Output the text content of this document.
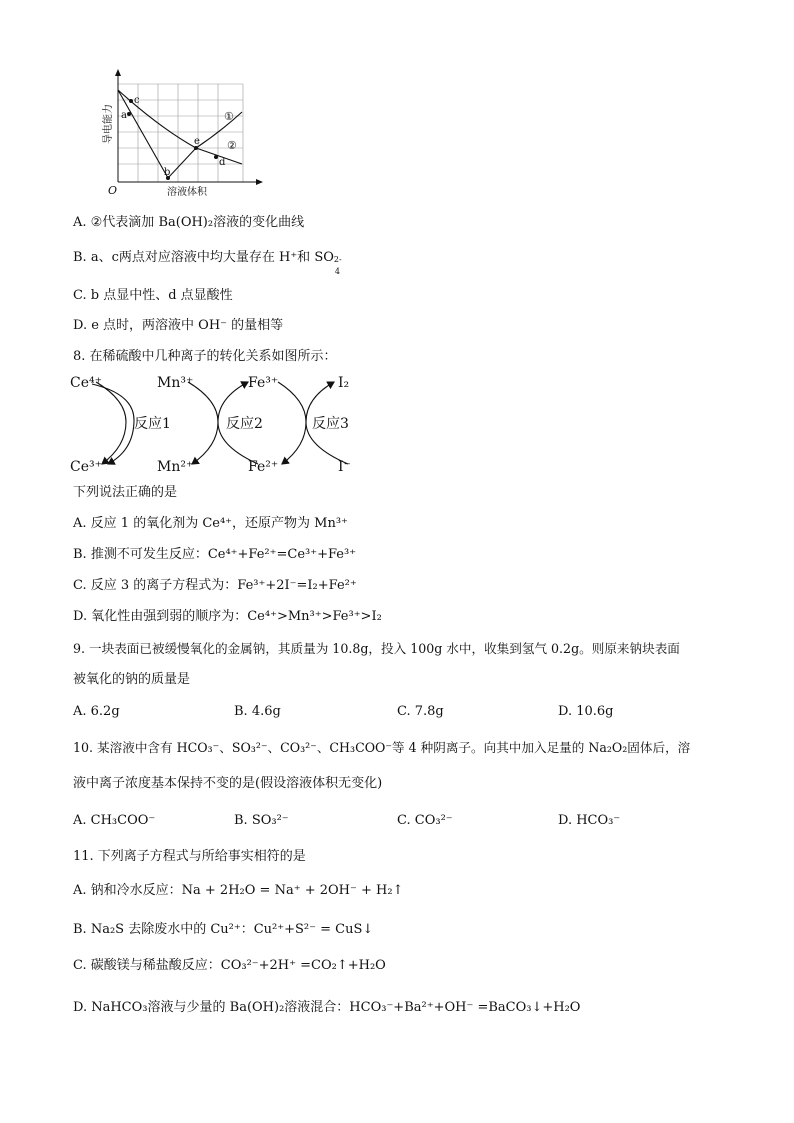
c
a
b
e
d
①
②
O	溶液体积
导电能力
A. ②代表滴加 Ba(OH)₂溶液的变化曲线
B. a、c两点对应溶液中均大量存在 H⁺和 SO 2-
4
C. b 点显中性、d 点显酸性
D. e 点时，两溶液中 OH⁻ 的量相等
8. 在稀硫酸中几种离子的转化关系如图所示：
Ce⁴⁺	Mn³⁺	Fe³⁺	I₂
Ce³⁺	Mn²⁺	Fe²⁺	I⁻
反应1	反应2	反应3
下列说法正确的是
A. 反应 1 的氧化剂为 Ce⁴⁺，还原产物为 Mn³⁺
B. 推测不可发生反应：Ce⁴⁺+Fe²⁺=Ce³⁺+Fe³⁺
C. 反应 3 的离子方程式为：Fe³⁺+2I⁻=I₂+Fe²⁺
D. 氧化性由强到弱的顺序为：Ce⁴⁺>Mn³⁺>Fe³⁺>I₂
9. 一块表面已被缓慢氧化的金属钠，其质量为 10.8g，投入 100g 水中，收集到氢气 0.2g。则原来钠块表面
被氧化的钠的质量是
A. 6.2g	B. 4.6g	C. 7.8g	D. 10.6g
10. 某溶液中含有 HCO₃⁻、SO₃²⁻、CO₃²⁻、CH₃COO⁻等 4 种阴离子。向其中加入足量的 Na₂O₂固体后，溶
液中离子浓度基本保持不变的是(假设溶液体积无变化)
A. CH₃COO⁻	B. SO₃²⁻	C. CO₃²⁻	D. HCO₃⁻
11. 下列离子方程式与所给事实相符的是
A. 钠和冷水反应：Na + 2H₂O = Na⁺ + 2OH⁻ + H₂↑
B. Na₂S 去除废水中的 Cu²⁺：Cu²⁺+S²⁻ = CuS↓
C. 碳酸镁与稀盐酸反应：CO₃²⁻+2H⁺ =CO₂↑+H₂O
D. NaHCO₃溶液与少量的 Ba(OH)₂溶液混合：HCO₃⁻+Ba²⁺+OH⁻ =BaCO₃↓+H₂O
